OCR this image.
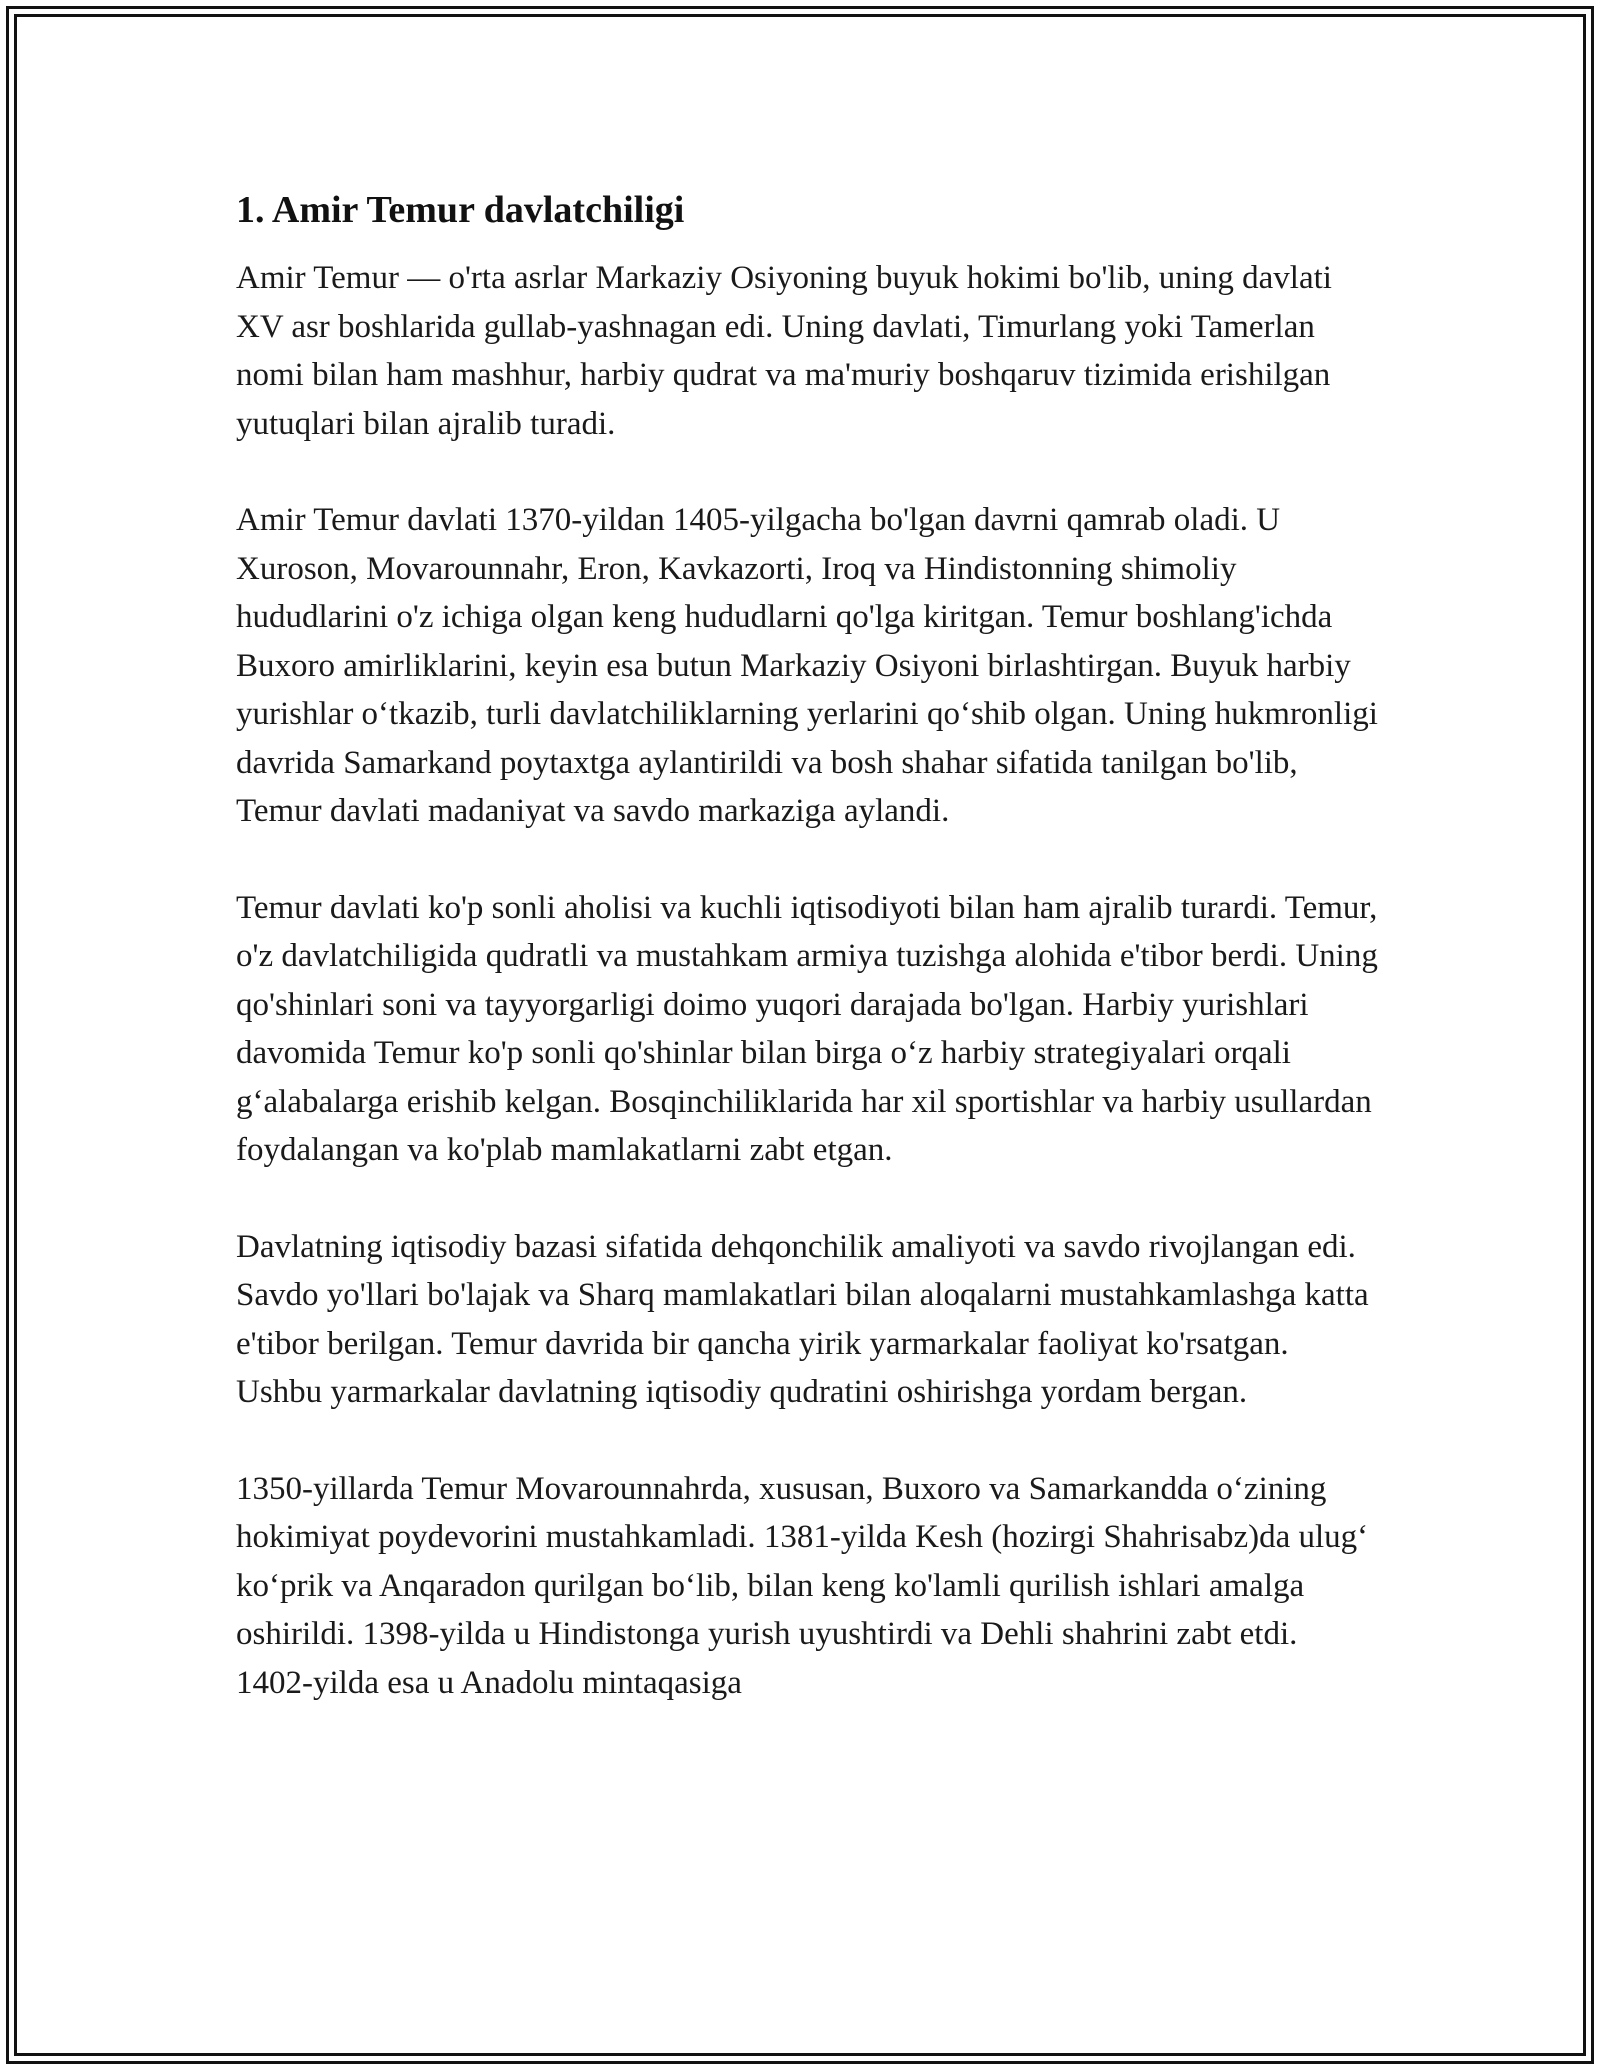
1. Amir Temur davlatchiligi

Amir Temur — o'rta asrlar Markaziy Osiyoning buyuk hokimi bo'lib, uning davlati XV asr boshlarida gullab-yashnagan edi. Uning davlati, Timurlang yoki Tamerlan nomi bilan ham mashhur, harbiy qudrat va ma'muriy boshqaruv tizimida erishilgan yutuqlari bilan ajralib turadi.

Amir Temur davlati 1370-yildan 1405-yilgacha bo'lgan davrni qamrab oladi. U Xuroson, Movarounnahr, Eron, Kavkazorti, Iroq va Hindistonning shimoliy hududlarini o'z ichiga olgan keng hududlarni qo'lga kiritgan. Temur boshlang'ichda Buxoro amirliklarini, keyin esa butun Markaziy Osiyoni birlashtirgan. Buyuk harbiy yurishlar oʻtkazib, turli davlatchiliklarning yerlarini qoʻshib olgan. Uning hukmronligi davrida Samarkand poytaxtga aylantirildi va bosh shahar sifatida tanilgan bo'lib, Temur davlati madaniyat va savdo markaziga aylandi.

Temur davlati ko'p sonli aholisi va kuchli iqtisodiyoti bilan ham ajralib turardi. Temur, o'z davlatchiligida qudratli va mustahkam armiya tuzishga alohida e'tibor berdi. Uning qo'shinlari soni va tayyorgarligi doimo yuqori darajada bo'lgan. Harbiy yurishlari davomida Temur ko'p sonli qo'shinlar bilan birga oʻz harbiy strategiyalari orqali gʻalabalarga erishib kelgan. Bosqinchiliklarida har xil sportishlar va harbiy usullardan foydalangan va ko'plab mamlakatlarni zabt etgan.

Davlatning iqtisodiy bazasi sifatida dehqonchilik amaliyoti va savdo rivojlangan edi. Savdo yo'llari bo'lajak va Sharq mamlakatlari bilan aloqalarni mustahkamlashga katta e'tibor berilgan. Temur davrida bir qancha yirik yarmarkalar faoliyat ko'rsatgan. Ushbu yarmarkalar davlatning iqtisodiy qudratini oshirishga yordam bergan.

1350-yillarda Temur Movarounnahrda, xususan, Buxoro va Samarkandda oʻzining hokimiyat poydevorini mustahkamladi. 1381-yilda Kesh (hozirgi Shahrisabz)da ulugʻ koʻprik va Anqaradon qurilgan boʻlib, bilan keng ko'lamli qurilish ishlari amalga oshirildi. 1398-yilda u Hindistonga yurish uyushtirdi va Dehli shahrini zabt etdi. 1402-yilda esa u Anadolu mintaqasiga
